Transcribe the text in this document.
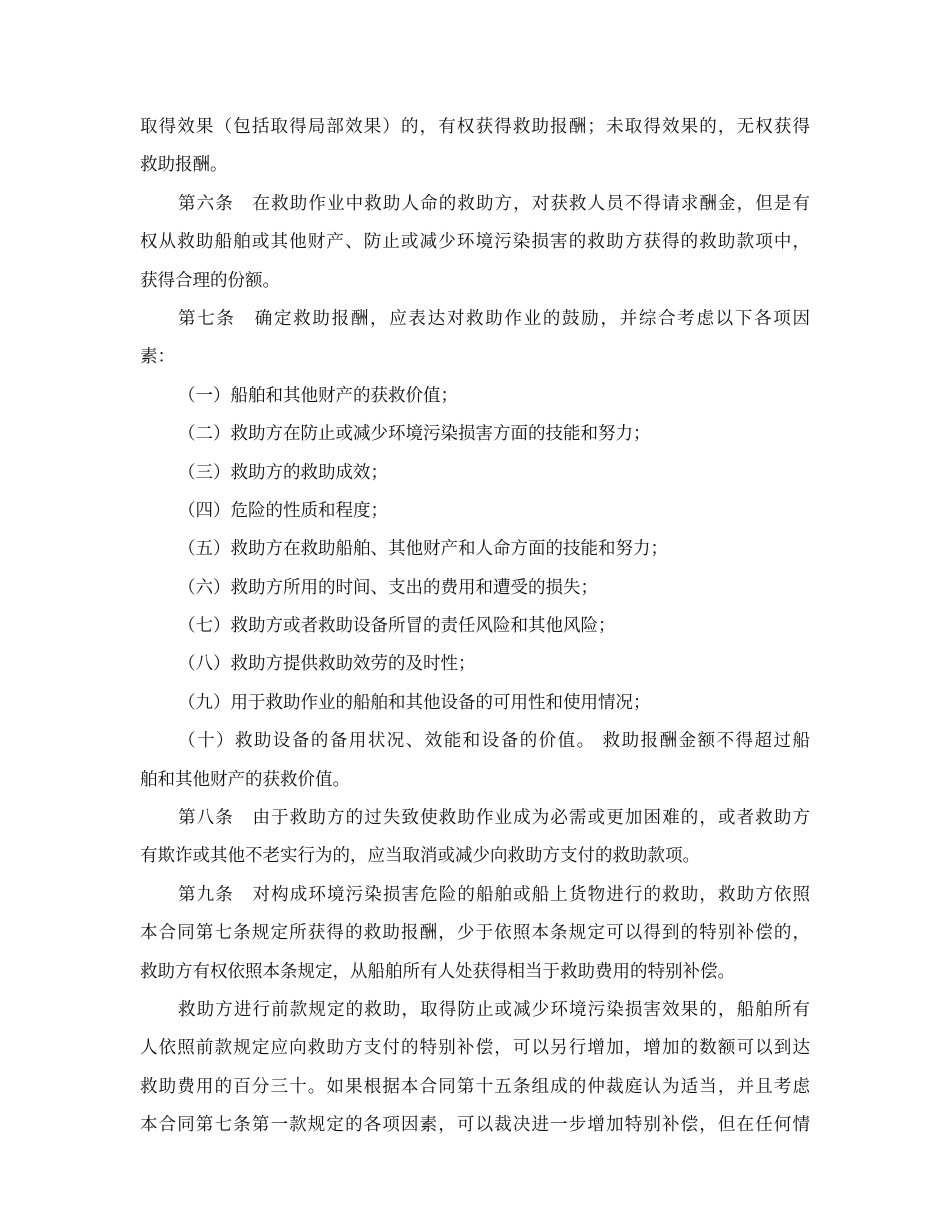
取得效果（包括取得局部效果）的，有权获得救助报酬；未取得效果的，无权获得
救助报酬。
第六条　在救助作业中救助人命的救助方，对获救人员不得请求酬金，但是有
权从救助船舶或其他财产、防止或减少环境污染损害的救助方获得的救助款项中，
获得合理的份额。
第七条　确定救助报酬，应表达对救助作业的鼓励，并综合考虑以下各项因
素：
（一）船舶和其他财产的获救价值；
（二）救助方在防止或减少环境污染损害方面的技能和努力；
（三）救助方的救助成效；
（四）危险的性质和程度；
（五）救助方在救助船舶、其他财产和人命方面的技能和努力；
（六）救助方所用的时间、支出的费用和遭受的损失；
（七）救助方或者救助设备所冒的责任风险和其他风险；
（八）救助方提供救助效劳的及时性；
（九）用于救助作业的船舶和其他设备的可用性和使用情况；
（十）救助设备的备用状况、效能和设备的价值。 救助报酬金额不得超过船
舶和其他财产的获救价值。
第八条　由于救助方的过失致使救助作业成为必需或更加困难的，或者救助方
有欺诈或其他不老实行为的，应当取消或减少向救助方支付的救助款项。
第九条　对构成环境污染损害危险的船舶或船上货物进行的救助，救助方依照
本合同第七条规定所获得的救助报酬，少于依照本条规定可以得到的特别补偿的，
救助方有权依照本条规定，从船舶所有人处获得相当于救助费用的特别补偿。
救助方进行前款规定的救助，取得防止或减少环境污染损害效果的，船舶所有
人依照前款规定应向救助方支付的特别补偿，可以另行增加，增加的数额可以到达
救助费用的百分三十。如果根据本合同第十五条组成的仲裁庭认为适当，并且考虑
本合同第七条第一款规定的各项因素，可以裁决进一步增加特别补偿，但在任何情
